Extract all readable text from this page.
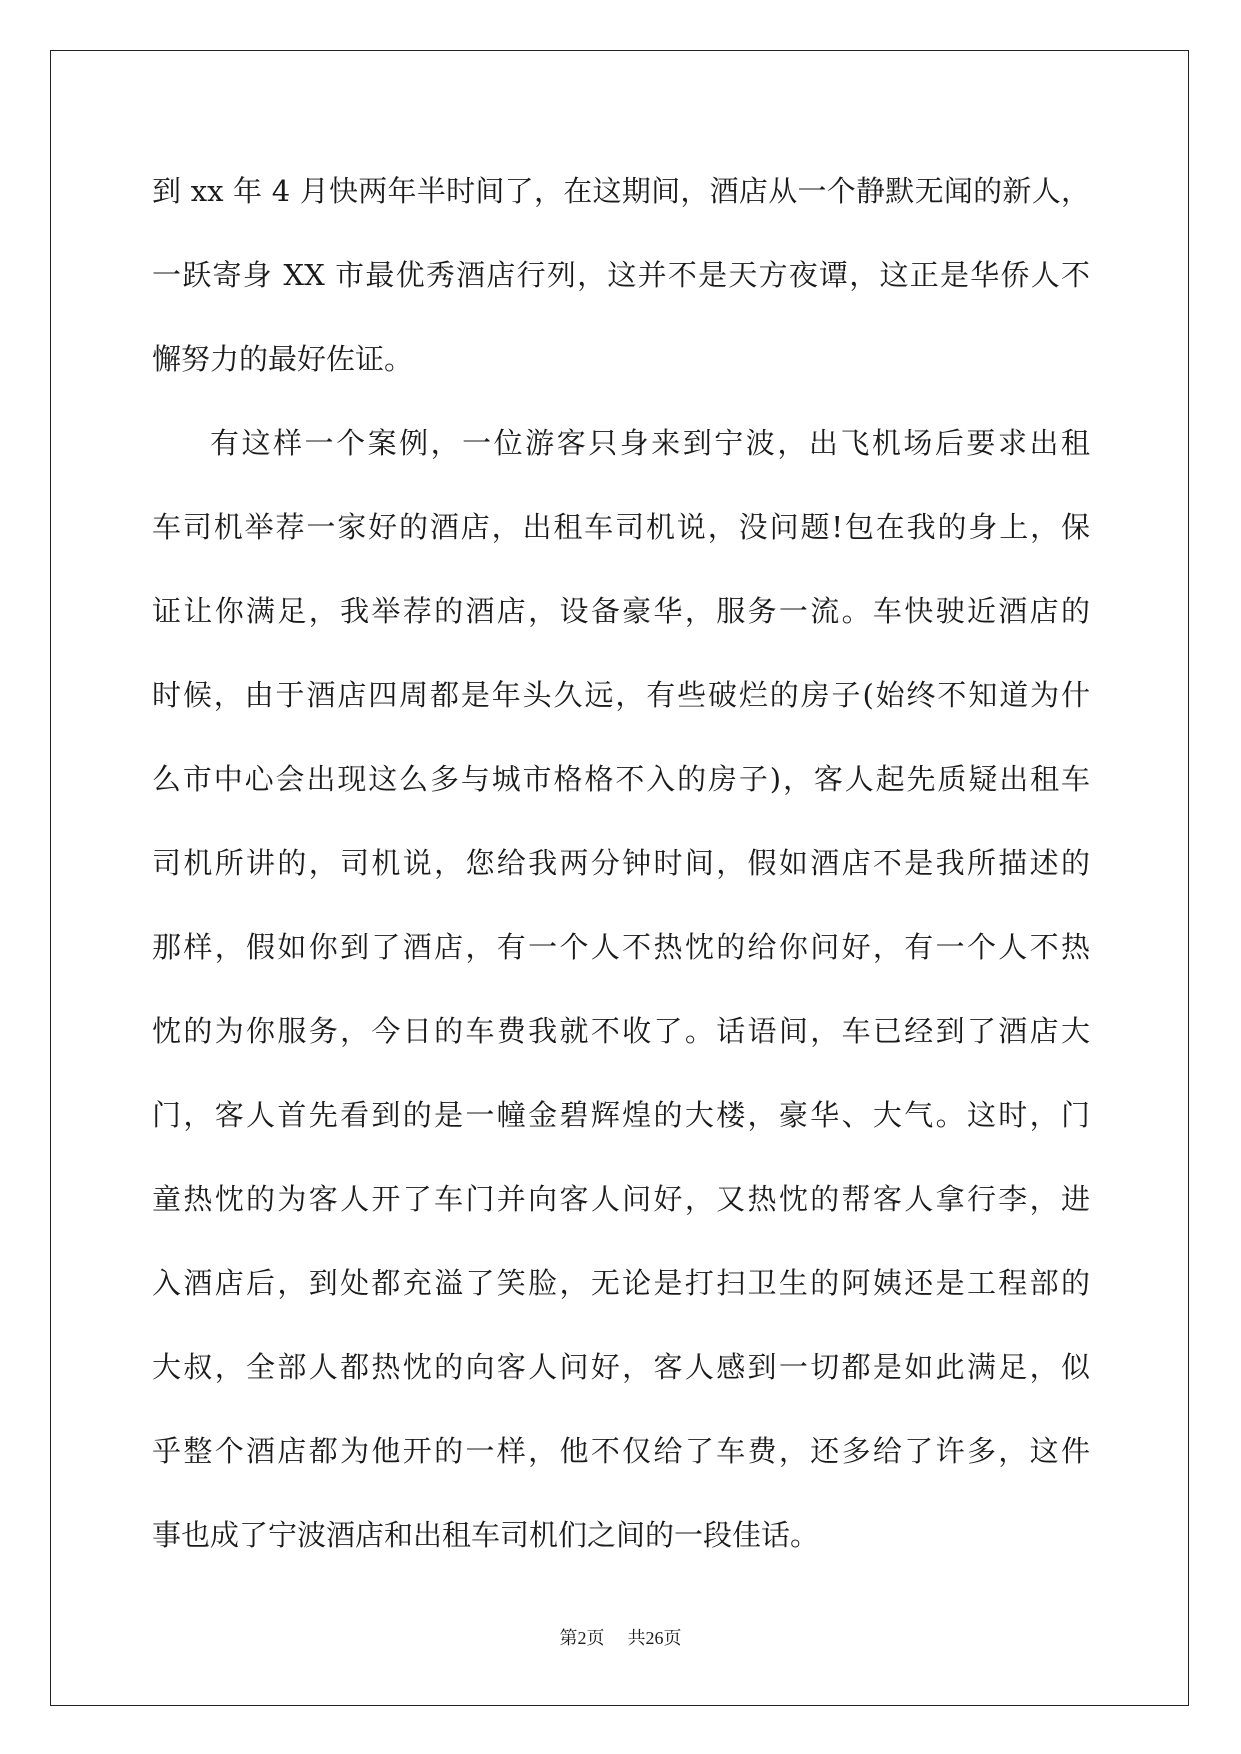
到 xx 年 4 月快两年半时间了，在这期间，酒店从一个静默无闻的新人，
一跃寄身 XX 市最优秀酒店行列，这并不是天方夜谭，这正是华侨人不
懈努力的最好佐证。
有这样一个案例，一位游客只身来到宁波，出飞机场后要求出租
车司机举荐一家好的酒店，出租车司机说，没问题!包在我的身上，保
证让你满足，我举荐的酒店，设备豪华，服务一流。车快驶近酒店的
时候，由于酒店四周都是年头久远，有些破烂的房子(始终不知道为什
么市中心会出现这么多与城市格格不入的房子)，客人起先质疑出租车
司机所讲的，司机说，您给我两分钟时间，假如酒店不是我所描述的
那样，假如你到了酒店，有一个人不热忱的给你问好，有一个人不热
忱的为你服务，今日的车费我就不收了。话语间，车已经到了酒店大
门，客人首先看到的是一幢金碧辉煌的大楼，豪华、大气。这时，门
童热忱的为客人开了车门并向客人问好，又热忱的帮客人拿行李，进
入酒店后，到处都充溢了笑脸，无论是打扫卫生的阿姨还是工程部的
大叔，全部人都热忱的向客人问好，客人感到一切都是如此满足，似
乎整个酒店都为他开的一样，他不仅给了车费，还多给了许多，这件
事也成了宁波酒店和出租车司机们之间的一段佳话。
第2页 共26页
